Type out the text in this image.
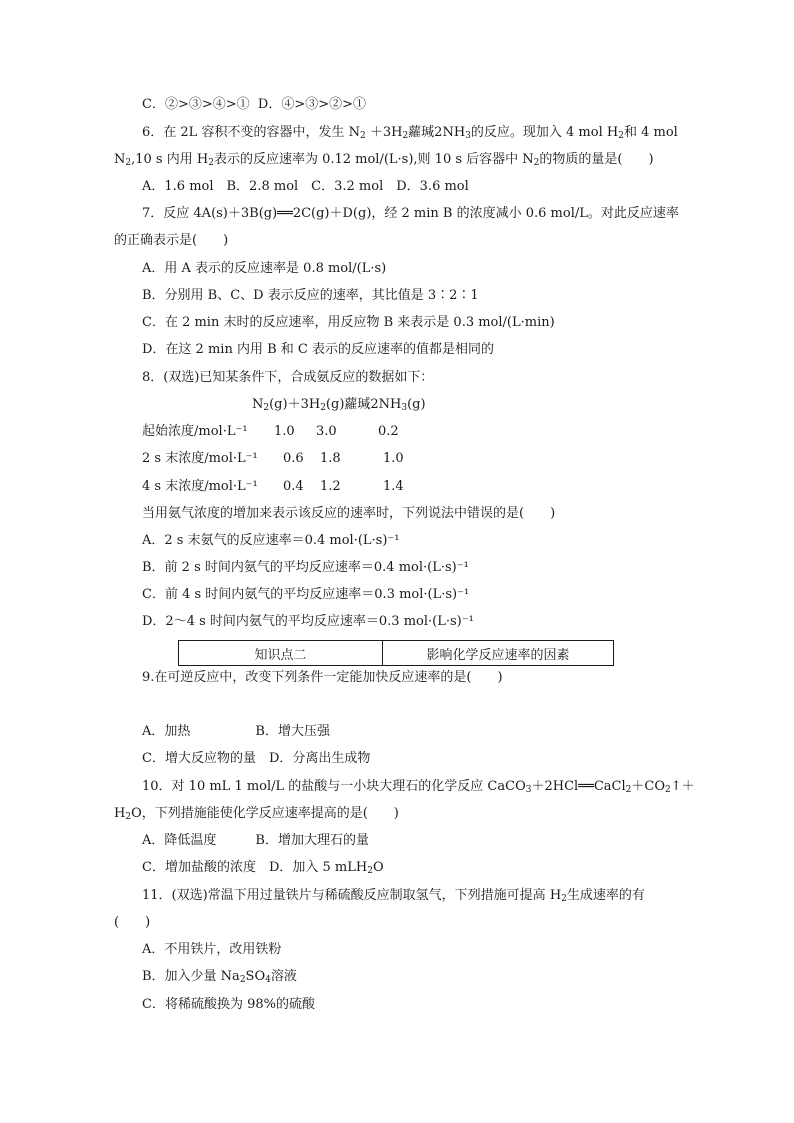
C．②>③>④>① D．④>③>②>①
6．在 2L 容积不变的容器中，发生 $N_2 +3H_2$蘿瑊$2NH_3$的反应。现加入 4 mol $H_2$和 4 mol
$N_2,10$ s 内用 $H_2$表示的反应速率为 0.12 mol/(L·s),则 10 s 后容器中 $N_2$的物质的量是(　　)
A．1.6 mol　B．2.8 mol　C．3.2 mol　D．3.6 mol
7．反应 4A(s)＋3B(g)══2C(g)＋D(g)，经 2 min B 的浓度减小 0.6 mol/L。对此反应速率
的正确表示是(　　)
A．用 A 表示的反应速率是 0.8 mol/(L·s)
B．分别用 B、C、D 表示反应的速率，其比值是 3∶2∶1
C．在 2 min 末时的反应速率，用反应物 B 来表示是 0.3 mol/(L·min)
D．在这 2 min 内用 B 和 C 表示的反应速率的值都是相同的
8．(双选)已知某条件下，合成氨反应的数据如下：
$N_2(g)+3H_2(g)$蘿瑊$2NH_3(g)$
起始浓度/mol·L⁻¹ 1.0 3.0	0.2
2 s 末浓度/mol·L⁻¹ 0.6 1.8	1.0
4 s 末浓度/mol·L⁻¹ 0.4 1.2	1.4
当用氨气浓度的增加来表示该反应的速率时，下列说法中错误的是(　　)
A．2 s 末氨气的反应速率＝0.4 mol·(L·s)⁻¹
B．前 2 s 时间内氨气的平均反应速率＝0.4 mol·(L·s)⁻¹
C．前 4 s 时间内氨气的平均反应速率＝0.3 mol·(L·s)⁻¹
D．2～4 s 时间内氨气的平均反应速率＝0.3 mol·(L·s)⁻¹
知识点二	影响化学反应速率的因素
9.在可逆反应中，改变下列条件一定能加快反应速率的是(　　)
A．加热　　　　　B．增大压强
C．增大反应物的量　D．分离出生成物
10．对 10 mL 1 mol/L 的盐酸与一小块大理石的化学反应 $CaCO_3+2HCl══CaCl_2+CO_2↑+$
$H_2O$，下列措施能使化学反应速率提高的是(　　)
A．降低温度　　　B．增加大理石的量
C．增加盐酸的浓度　D．加入 5 mLH$_2$O
11．(双选)常温下用过量铁片与稀硫酸反应制取氢气，下列措施可提高 $H_2$生成速率的有
(　　)
A．不用铁片，改用铁粉
B．加入少量 $Na_2SO_4$溶液
C．将稀硫酸换为 98%的硫酸
